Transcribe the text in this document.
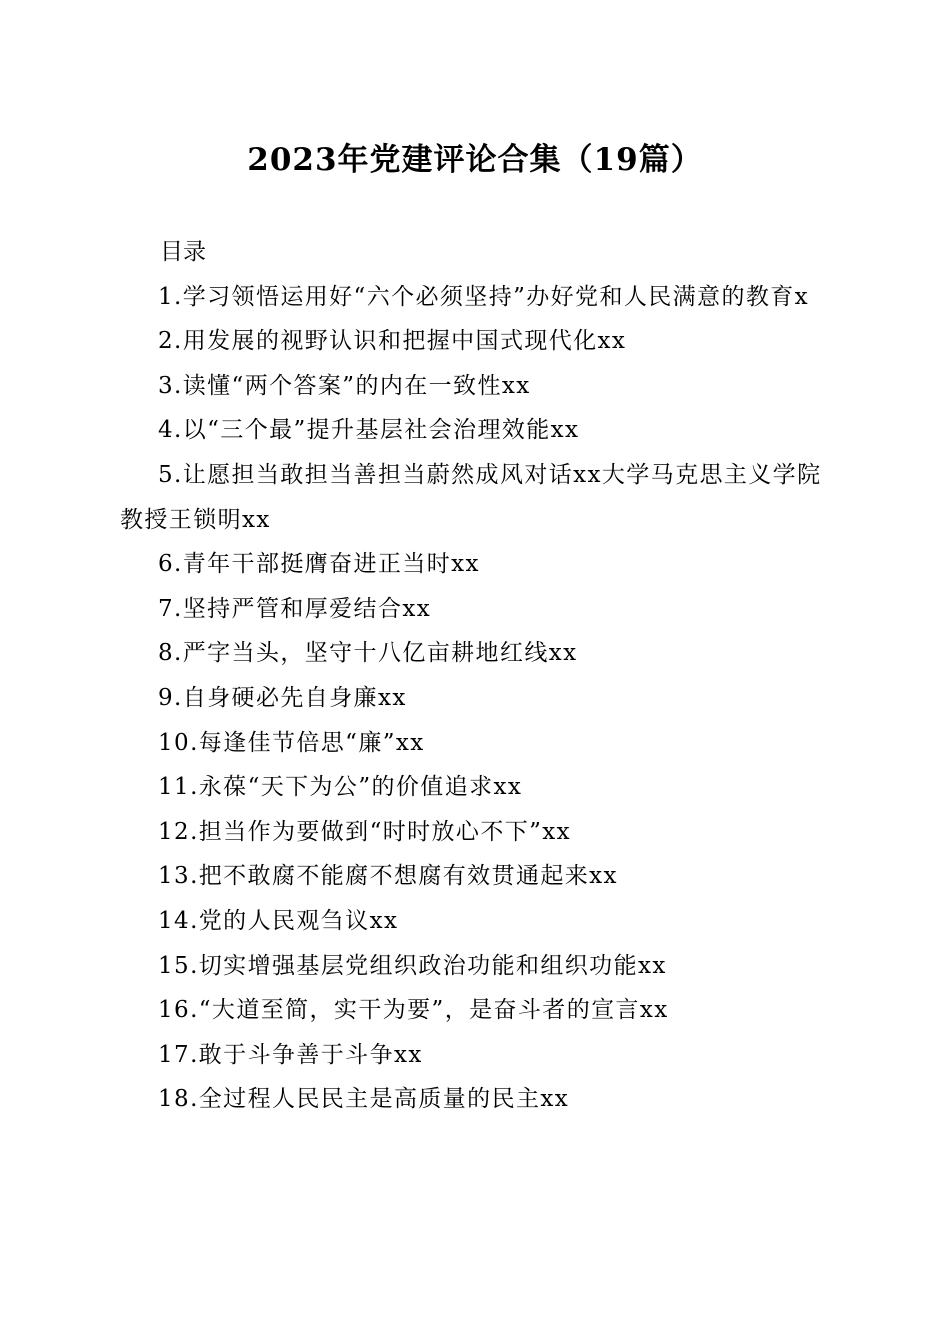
2023年党建评论合集（19篇）

目录

1.学习领悟运用好“六个必须坚持”办好党和人民满意的教育x

2.用发展的视野认识和把握中国式现代化xx

3.读懂“两个答案”的内在一致性xx

4.以“三个最”提升基层社会治理效能xx

5.让愿担当敢担当善担当蔚然成风对话xx大学马克思主义学院教授王锁明xx

6.青年干部挺膺奋进正当时xx

7.坚持严管和厚爱结合xx

8.严字当头，坚守十八亿亩耕地红线xx

9.自身硬必先自身廉xx

10.每逢佳节倍思“廉”xx

11.永葆“天下为公”的价值追求xx

12.担当作为要做到“时时放心不下”xx

13.把不敢腐不能腐不想腐有效贯通起来xx

14.党的人民观刍议xx

15.切实增强基层党组织政治功能和组织功能xx

16.“大道至简，实干为要”，是奋斗者的宣言xx

17.敢于斗争善于斗争xx

18.全过程人民民主是高质量的民主xx
